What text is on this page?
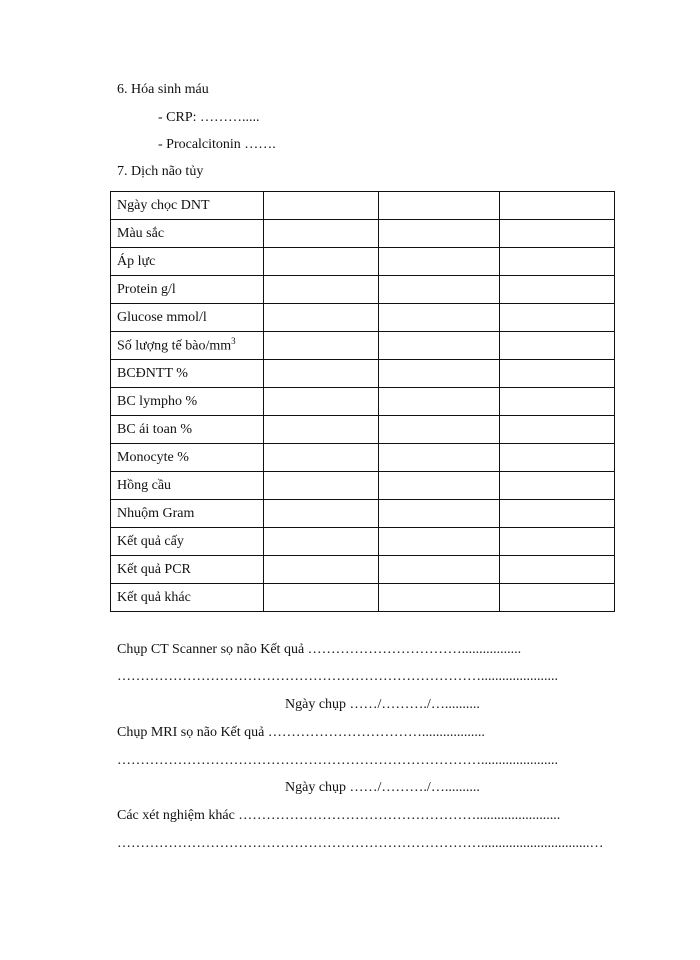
6. Hóa sinh máu
- CRP: ……….....
- Procalcitonin …….
7. Dịch não tủy
Ngày chọc DNT			
Màu sắc			
Áp lực			
Protein g/l			
Glucose mmol/l			
Số lượng tế bào/$mm^3$			
BCĐNTT %			
BC lympho %			
BC ái toan %			
Monocyte %			
Hồng cầu			
Nhuộm Gram			
Kết quả cấy			
Kết quả PCR			
Kết quả khác			
Chụp CT Scanner sọ não Kết quả …………………………….................
……………………………………………………………………......................
Ngày chụp ……/………./…..........
Chụp MRI sọ não Kết quả ……………………………..................
……………………………………………………………………......................
Ngày chụp ……/………./…..........
Các xét nghiệm khác ……………………………………………........................
……………………………………………………………………...............................…
